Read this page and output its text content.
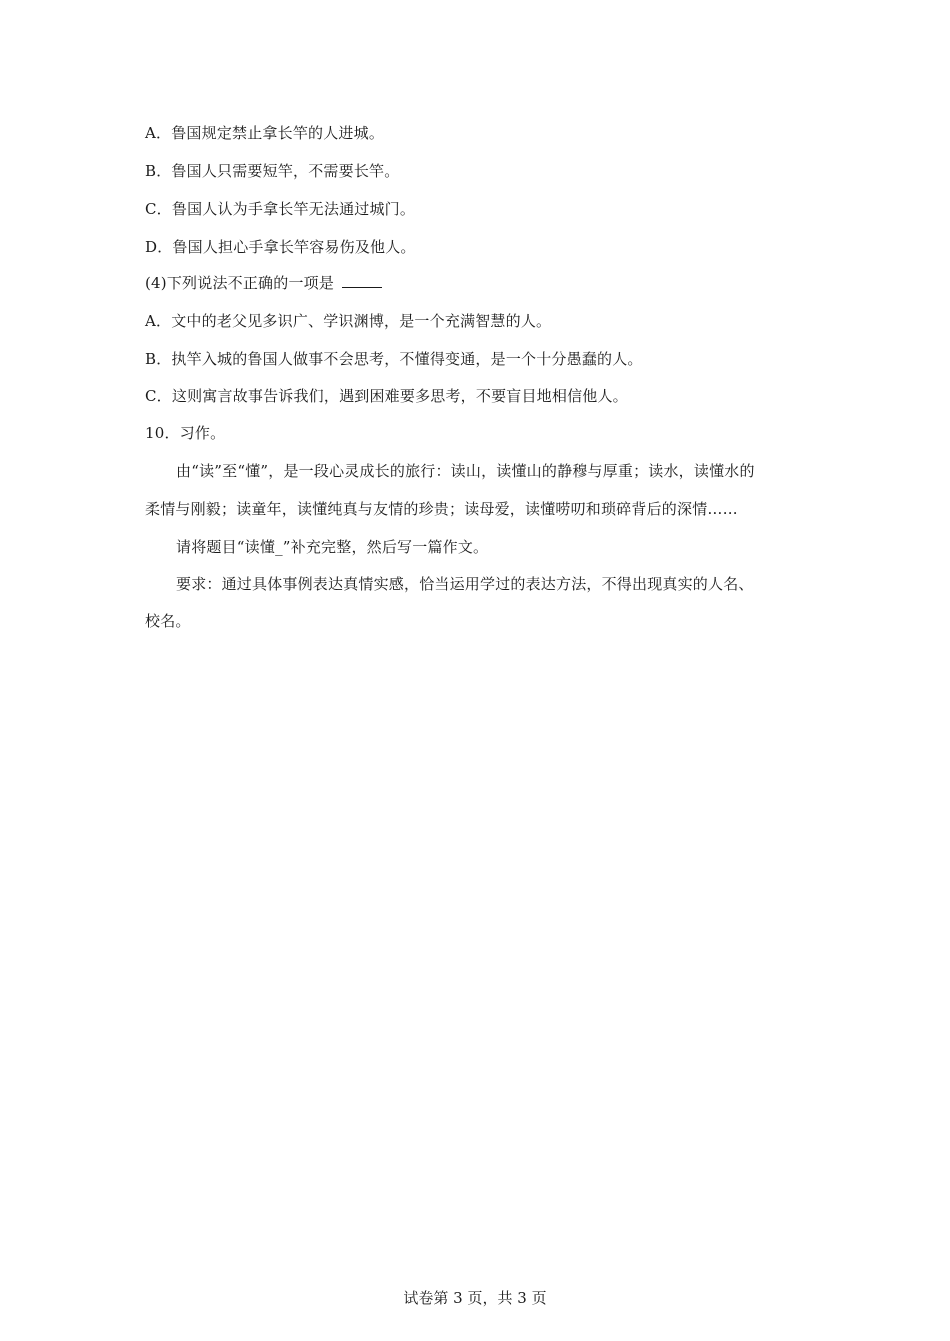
A．鲁国规定禁止拿长竿的人进城。
B．鲁国人只需要短竿，不需要长竿。
C．鲁国人认为手拿长竿无法通过城门。
D．鲁国人担心手拿长竿容易伤及他人。
(4)下列说法不正确的一项是
A．文中的老父见多识广、学识渊博，是一个充满智慧的人。
B．执竿入城的鲁国人做事不会思考，不懂得变通，是一个十分愚蠢的人。
C．这则寓言故事告诉我们，遇到困难要多思考，不要盲目地相信他人。
10．习作。
由“读”至“懂”，是一段心灵成长的旅行：读山，读懂山的静穆与厚重；读水，读懂水的
柔情与刚毅；读童年，读懂纯真与友情的珍贵；读母爱，读懂唠叨和琐碎背后的深情……
请将题目“读懂_”补充完整，然后写一篇作文。
要求：通过具体事例表达真情实感，恰当运用学过的表达方法，不得出现真实的人名、
校名。
试卷第 3 页，共 3 页
